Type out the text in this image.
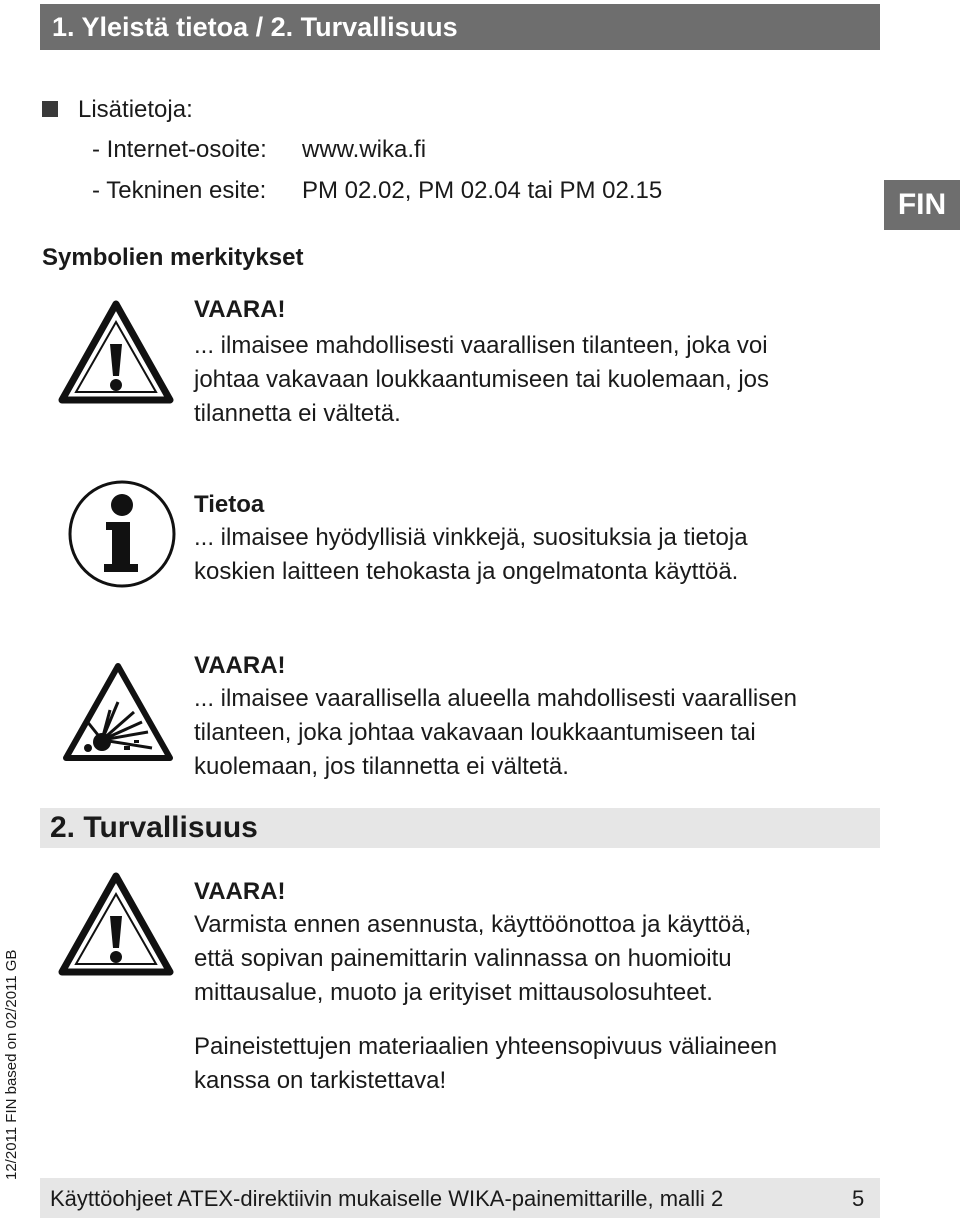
1. Yleistä tietoa / 2. Turvallisuus
FIN
Lisätietoja:
- Internet-osoite: www.wika.fi
- Tekninen esite: PM 02.02, PM 02.04 tai PM 02.15
Symbolien merkitykset
VAARA!
... ilmaisee mahdollisesti vaarallisen tilanteen, joka voi
johtaa vakavaan loukkaantumiseen tai kuolemaan, jos
tilannetta ei vältetä.
Tietoa
... ilmaisee hyödyllisiä vinkkejä, suosituksia ja tietoja
koskien laitteen tehokasta ja ongelmatonta käyttöä.
VAARA!
... ilmaisee vaarallisella alueella mahdollisesti vaarallisen
tilanteen, joka johtaa vakavaan loukkaantumiseen tai
kuolemaan, jos tilannetta ei vältetä.
2. Turvallisuus
VAARA!
Varmista ennen asennusta, käyttöönottoa ja käyttöä,
että sopivan painemittarin valinnassa on huomioitu
mittausalue, muoto ja erityiset mittausolosuhteet.
Paineistettujen materiaalien yhteensopivuus väliaineen
kanssa on tarkistettava!
12/2011 FIN based on 02/2011 GB
Käyttöohjeet ATEX-direktiivin mukaiselle WIKA-painemittarille, malli 2	5
